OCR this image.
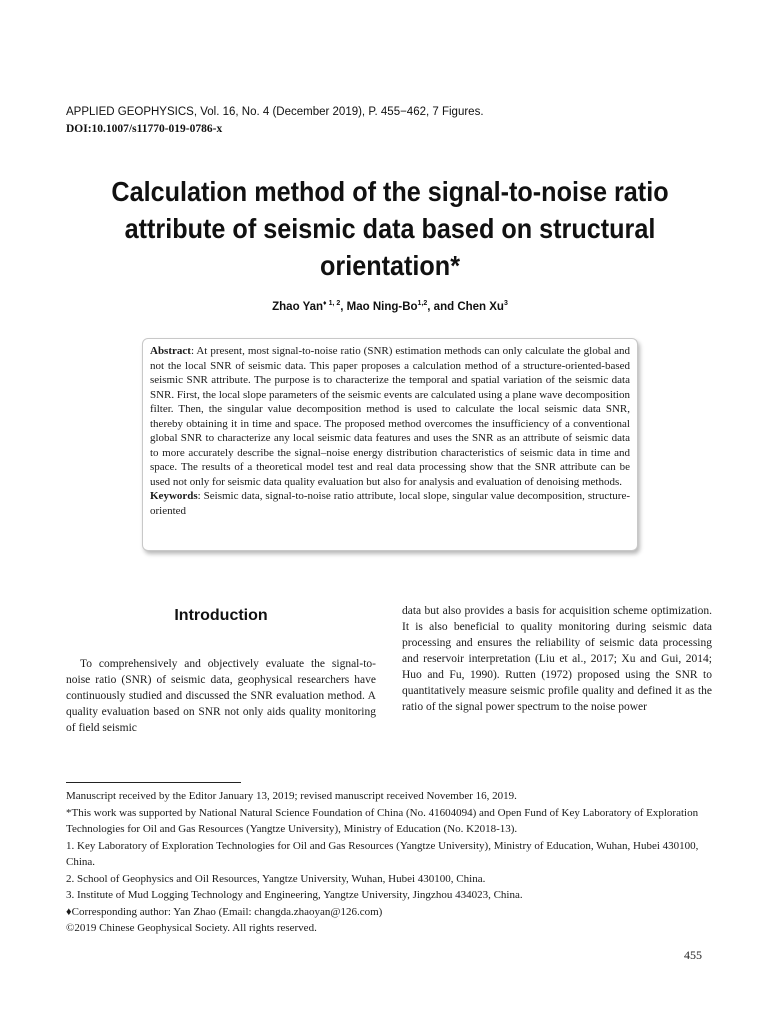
APPLIED GEOPHYSICS, Vol. 16, No. 4 (December 2019), P. 455−462, 7 Figures.
DOI:10.1007/s11770-019-0786-x
Calculation method of the signal-to-noise ratio attribute of seismic data based on structural orientation*
Zhao Yan$^{♦ 1, 2}$, Mao Ning-Bo$^{1,2}$, and Chen Xu$^3$

Abstract: At present, most signal-to-noise ratio (SNR) estimation methods can only calculate the global and not the local SNR of seismic data. This paper proposes a calculation method of a structure-oriented-based seismic SNR attribute. The purpose is to characterize the temporal and spatial variation of the seismic data SNR. First, the local slope parameters of the seismic events are calculated using a plane wave decomposition filter. Then, the singular value decomposition method is used to calculate the local seismic data SNR, thereby obtaining it in time and space. The proposed method overcomes the insufficiency of a conventional global SNR to characterize any local seismic data features and uses the SNR as an attribute of seismic data to more accurately describe the signal–noise energy distribution characteristics of seismic data in time and space. The results of a theoretical model test and real data processing show that the SNR attribute can be used not only for seismic data quality evaluation but also for analysis and evaluation of denoising methods.

Keywords: Seismic data, signal-to-noise ratio attribute, local slope, singular value decomposition, structure-oriented

Introduction

To comprehensively and objectively evaluate the signal-to-noise ratio (SNR) of seismic data, geophysical researchers have continuously studied and discussed the SNR evaluation method. A quality evaluation based on SNR not only aids quality monitoring of field seismic

data but also provides a basis for acquisition scheme optimization. It is also beneficial to quality monitoring during seismic data processing and ensures the reliability of seismic data processing and reservoir interpretation (Liu et al., 2017; Xu and Gui, 2014; Huo and Fu, 1990). Rutten (1972) proposed using the SNR to quantitatively measure seismic profile quality and defined it as the ratio of the signal power spectrum to the noise power

Manuscript received by the Editor January 13, 2019; revised manuscript received November 16, 2019.
*This work was supported by National Natural Science Foundation of China (No. 41604094) and Open Fund of Key Laboratory of Exploration Technologies for Oil and Gas Resources (Yangtze University), Ministry of Education (No. K2018-13).
1. Key Laboratory of Exploration Technologies for Oil and Gas Resources (Yangtze University), Ministry of Education, Wuhan, Hubei 430100, China.
2. School of Geophysics and Oil Resources, Yangtze University, Wuhan, Hubei 430100, China.
3. Institute of Mud Logging Technology and Engineering, Yangtze University, Jingzhou 434023, China.
♦Corresponding author: Yan Zhao (Email: changda.zhaoyan@126.com)
©2019 Chinese Geophysical Society. All rights reserved.
455
